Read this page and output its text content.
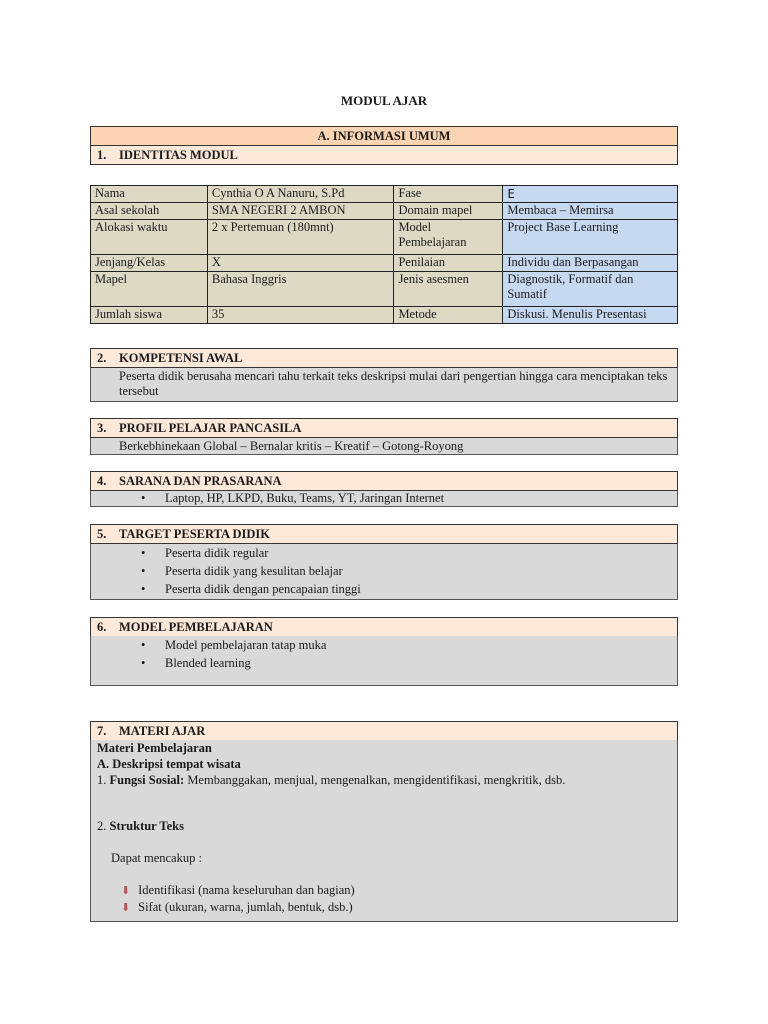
MODUL AJAR
A. INFORMASI UMUM
1. IDENTITAS MODUL
Nama	Cynthia O A Nanuru, S.Pd	Fase	E
Asal sekolah	SMA NEGERI 2 AMBON	Domain mapel	Membaca – Memirsa
Alokasi waktu	2 x Pertemuan (180mnt)	Model Pembelajaran	Project Base Learning
Jenjang/Kelas	X	Penilaian	Individu dan Berpasangan
Mapel	Bahasa Inggris	Jenis asesmen	Diagnostik, Formatif dan Sumatif
Jumlah siswa	35	Metode	Diskusi. Menulis Presentasi
2. KOMPETENSI AWAL
Peserta didik berusaha mencari tahu terkait teks deskripsi mulai dari pengertian hingga cara menciptakan teks tersebut
3. PROFIL PELAJAR PANCASILA
Berkebhinekaan Global – Bernalar kritis – Kreatif – Gotong-Royong
4. SARANA DAN PRASARANA
• Laptop, HP, LKPD, Buku, Teams, YT, Jaringan Internet
5. TARGET PESERTA DIDIK
• Peserta didik regular
• Peserta didik yang kesulitan belajar
• Peserta didik dengan pencapaian tinggi
6. MODEL PEMBELAJARAN
• Model pembelajaran tatap muka
• Blended learning
7. MATERI AJAR
Materi Pembelajaran
A. Deskripsi tempat wisata
1. Fungsi Sosial: Membanggakan, menjual, mengenalkan, mengidentifikasi, mengkritik, dsb.
2. Struktur Teks
Dapat mencakup :
⬇ Identifikasi (nama keseluruhan dan bagian)
⬇ Sifat (ukuran, warna, jumlah, bentuk, dsb.)
